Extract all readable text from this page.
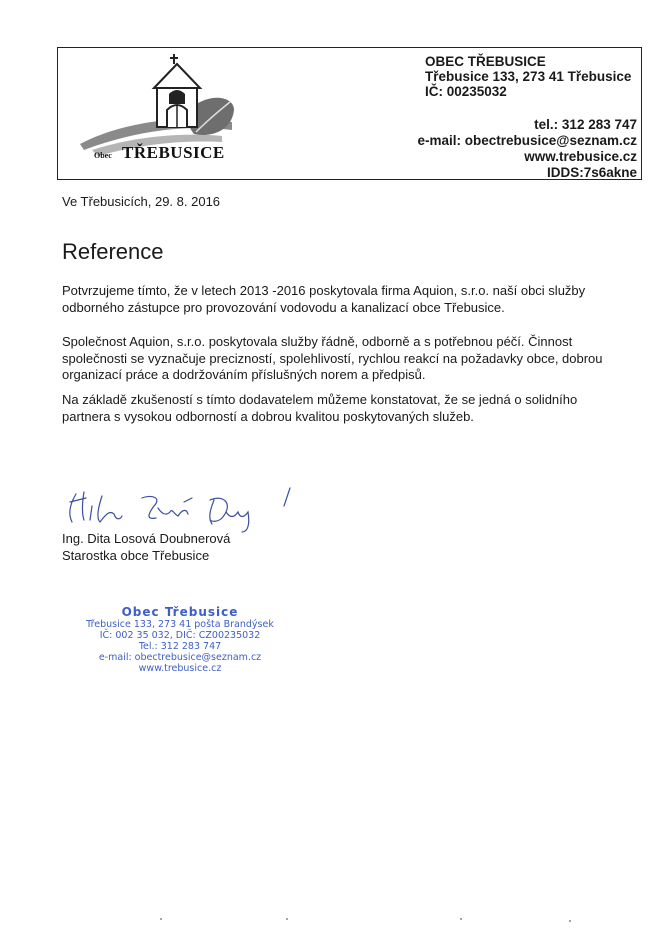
Obec TŘEBUSICE
OBEC TŘEBUSICE
Třebusice 133, 273 41 Třebusice
IČ: 00235032
tel.: 312 283 747
e-mail: obectrebusice@seznam.cz
www.trebusice.cz
IDDS:7s6akne
Ve Třebusicích, 29. 8. 2016
Reference
Potvrzujeme tímto, že v letech 2013 -2016 poskytovala firma Aquion, s.r.o. naší obci služby odborného zástupce pro provozování vodovodu a kanalizací obce Třebusice.
Společnost Aquion, s.r.o. poskytovala služby řádně, odborně a s potřebnou péčí. Činnost společnosti se vyznačuje precizností, spolehlivostí, rychlou reakcí na požadavky obce, dobrou organizací práce a dodržováním příslušných norem a předpisů.
Na základě zkušeností s tímto dodavatelem můžeme konstatovat, že se jedná o solidního partnera s vysokou odborností a dobrou kvalitou poskytovaných služeb.
Ing. Dita Losová Doubnerová
Starostka obce Třebusice
Obec Třebusice
Třebusice 133, 273 41 pošta Brandýsek
IČ: 002 35 032, DIČ: CZ00235032
Tel.: 312 283 747
e-mail: obectrebusice@seznam.cz
www.trebusice.cz
